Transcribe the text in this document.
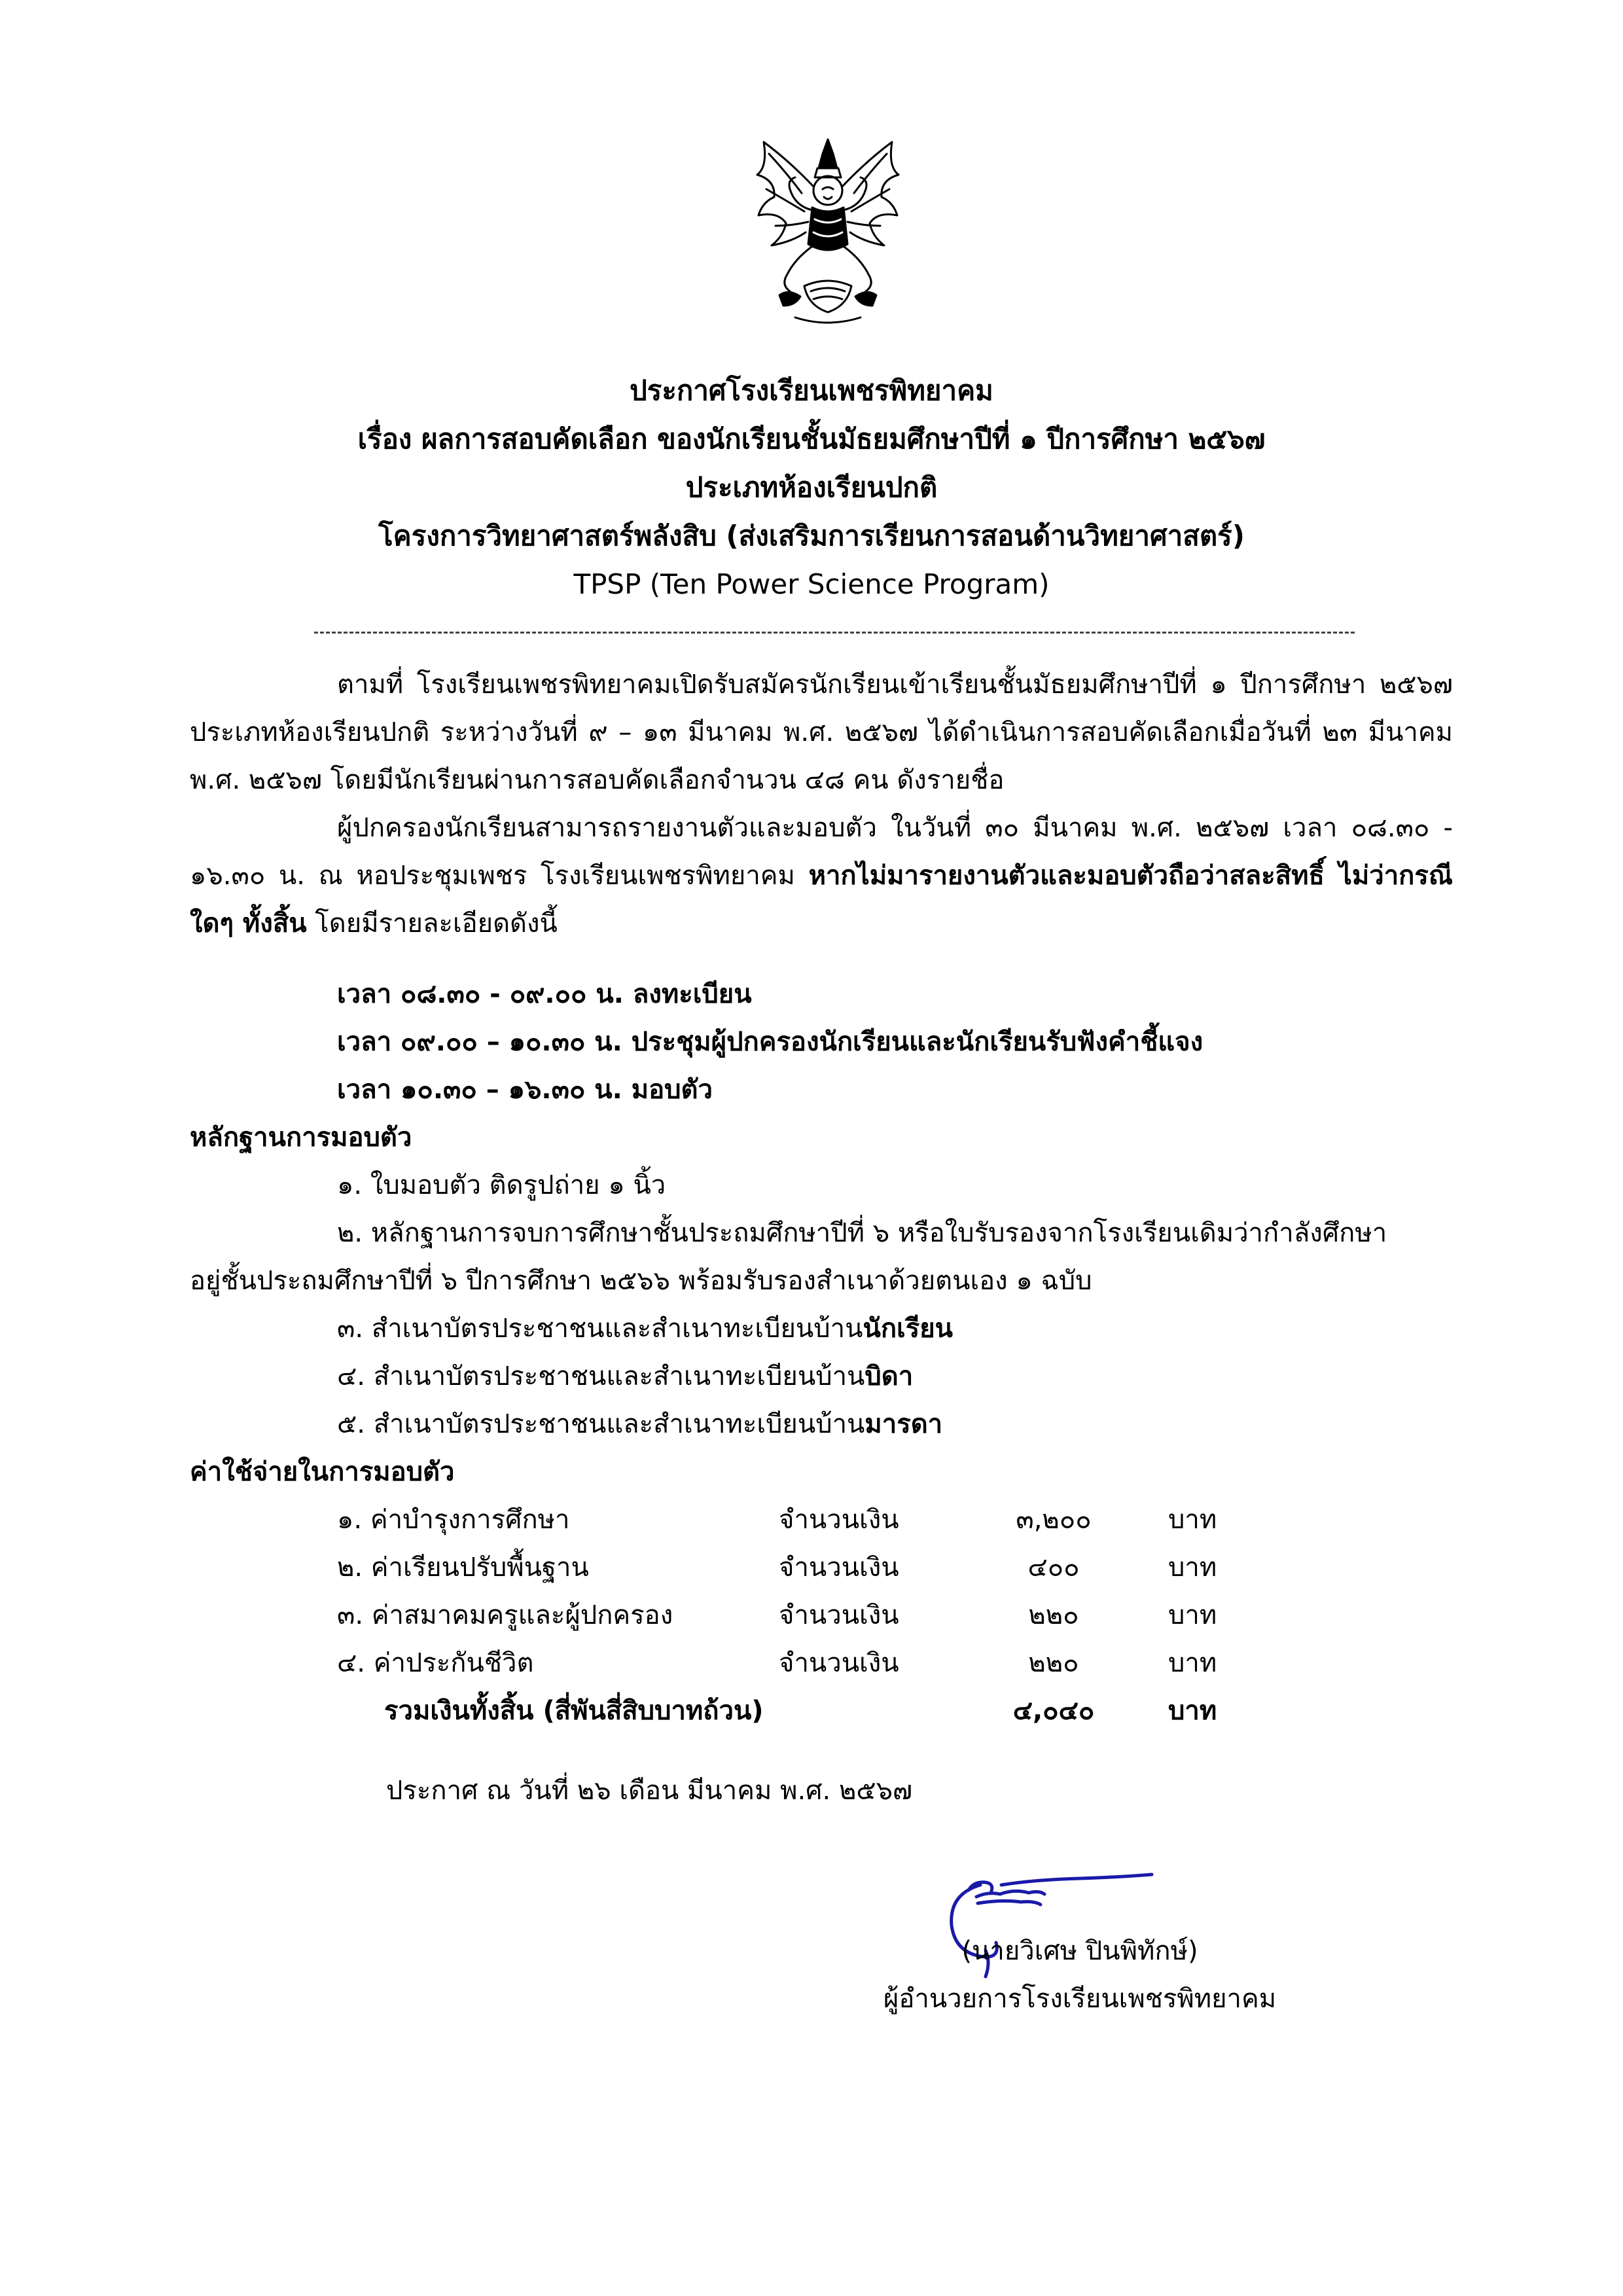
ประกาศโรงเรียนเพชรพิทยาคม
เรื่อง ผลการสอบคัดเลือก ของนักเรียนชั้นมัธยมศึกษาปีที่ ๑ ปีการศึกษา ๒๕๖๗
ประเภทห้องเรียนปกติ
โครงการวิทยาศาสตร์พลังสิบ (ส่งเสริมการเรียนการสอนด้านวิทยาศาสตร์)
TPSP (Ten Power Science Program)
ตามที่ โรงเรียนเพชรพิทยาคมเปิดรับสมัครนักเรียนเข้าเรียนชั้นมัธยมศึกษาปีที่ ๑ ปีการศึกษา ๒๕๖๗ ประเภทห้องเรียนปกติ ระหว่างวันที่ ๙ – ๑๓ มีนาคม พ.ศ. ๒๕๖๗ ได้ดำเนินการสอบคัดเลือกเมื่อวันที่ ๒๓ มีนาคม พ.ศ. ๒๕๖๗ โดยมีนักเรียนผ่านการสอบคัดเลือกจำนวน ๔๘ คน ดังรายชื่อ
ผู้ปกครองนักเรียนสามารถรายงานตัวและมอบตัว ในวันที่ ๓๐ มีนาคม พ.ศ. ๒๕๖๗ เวลา ๐๘.๓๐ - ๑๖.๓๐ น. ณ หอประชุมเพชร โรงเรียนเพชรพิทยาคม หากไม่มารายงานตัวและมอบตัวถือว่าสละสิทธิ์ ไม่ว่ากรณีใดๆ ทั้งสิ้น โดยมีรายละเอียดดังนี้
เวลา ๐๘.๓๐ - ๐๙.๐๐ น. ลงทะเบียน
เวลา ๐๙.๐๐ – ๑๐.๓๐ น. ประชุมผู้ปกครองนักเรียนและนักเรียนรับฟังคำชี้แจง
เวลา ๑๐.๓๐ – ๑๖.๓๐ น. มอบตัว
หลักฐานการมอบตัว
๑. ใบมอบตัว ติดรูปถ่าย ๑ นิ้ว
๒. หลักฐานการจบการศึกษาชั้นประถมศึกษาปีที่ ๖ หรือใบรับรองจากโรงเรียนเดิมว่ากำลังศึกษา
อยู่ชั้นประถมศึกษาปีที่ ๖ ปีการศึกษา ๒๕๖๖ พร้อมรับรองสำเนาด้วยตนเอง ๑ ฉบับ
๓. สำเนาบัตรประชาชนและสำเนาทะเบียนบ้านนักเรียน
๔. สำเนาบัตรประชาชนและสำเนาทะเบียนบ้านบิดา
๕. สำเนาบัตรประชาชนและสำเนาทะเบียนบ้านมารดา
ค่าใช้จ่ายในการมอบตัว
๑. ค่าบำรุงการศึกษา	จำนวนเงิน	๓,๒๐๐	บาท
๒. ค่าเรียนปรับพื้นฐาน	จำนวนเงิน	๔๐๐	บาท
๓. ค่าสมาคมครูและผู้ปกครอง	จำนวนเงิน	๒๒๐	บาท
๔. ค่าประกันชีวิต	จำนวนเงิน	๒๒๐	บาท
รวมเงินทั้งสิ้น (สี่พันสี่สิบบาทถ้วน)	๔,๐๔๐	บาท
ประกาศ ณ วันที่ ๒๖ เดือน มีนาคม พ.ศ. ๒๕๖๗
(นายวิเศษ ปินพิทักษ์)
ผู้อำนวยการโรงเรียนเพชรพิทยาคม
